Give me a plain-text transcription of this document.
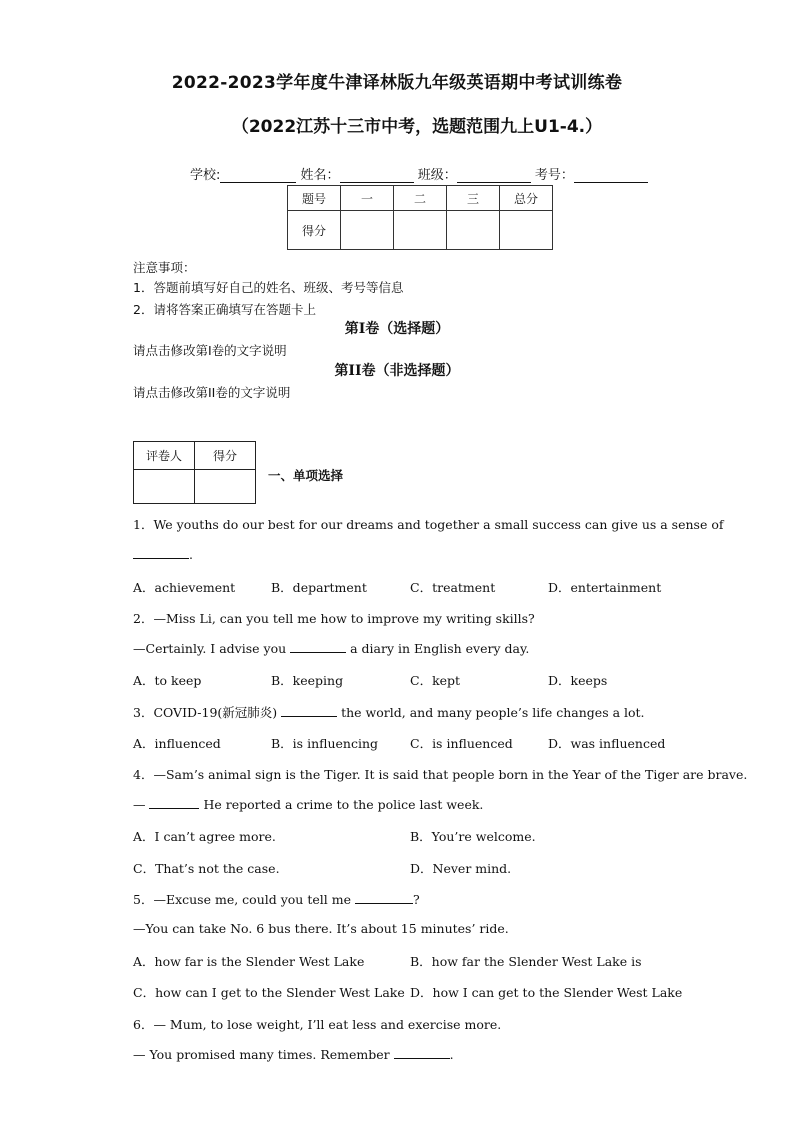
2022-2023学年度牛津译林版九年级英语期中考试训练卷
（2022江苏十三市中考，选题范围九上U1-4.）
学校:	姓名：	班级：	考号：
题号	一	二	三	总分
得分				
注意事项：
1．答题前填写好自己的姓名、班级、考号等信息
2．请将答案正确填写在答题卡上
第I卷（选择题）
请点击修改第I卷的文字说明
第II卷（非选择题）
请点击修改第II卷的文字说明
评卷人	得分

一、单项选择
1．We youths do our best for our dreams and together a small success can give us a sense of
.
A．achievement	B．department	C．treatment	D．entertainment
2．—Miss Li, can you tell me how to improve my writing skills?
—Certainly. I advise you	a diary in English every day.
A．to keep	B．keeping	C．kept	D．keeps
3．COVID-19(新冠肺炎)	the world, and many people’s life changes a lot.
A．influenced	B．is influencing	C．is influenced	D．was influenced
4．—Sam’s animal sign is the Tiger. It is said that people born in the Year of the Tiger are brave.
—	He reported a crime to the police last week.
A．I can’t agree more.	B．You’re welcome.
C．That’s not the case.	D．Never mind.
5．—Excuse me, could you tell me	?
—You can take No. 6 bus there. It’s about 15 minutes’ ride.
A．how far is the Slender West Lake	B．how far the Slender West Lake is
C．how can I get to the Slender West Lake D．how I can get to the Slender West Lake
6．— Mum, to lose weight, I’ll eat less and exercise more.
— You promised many times. Remember	.
